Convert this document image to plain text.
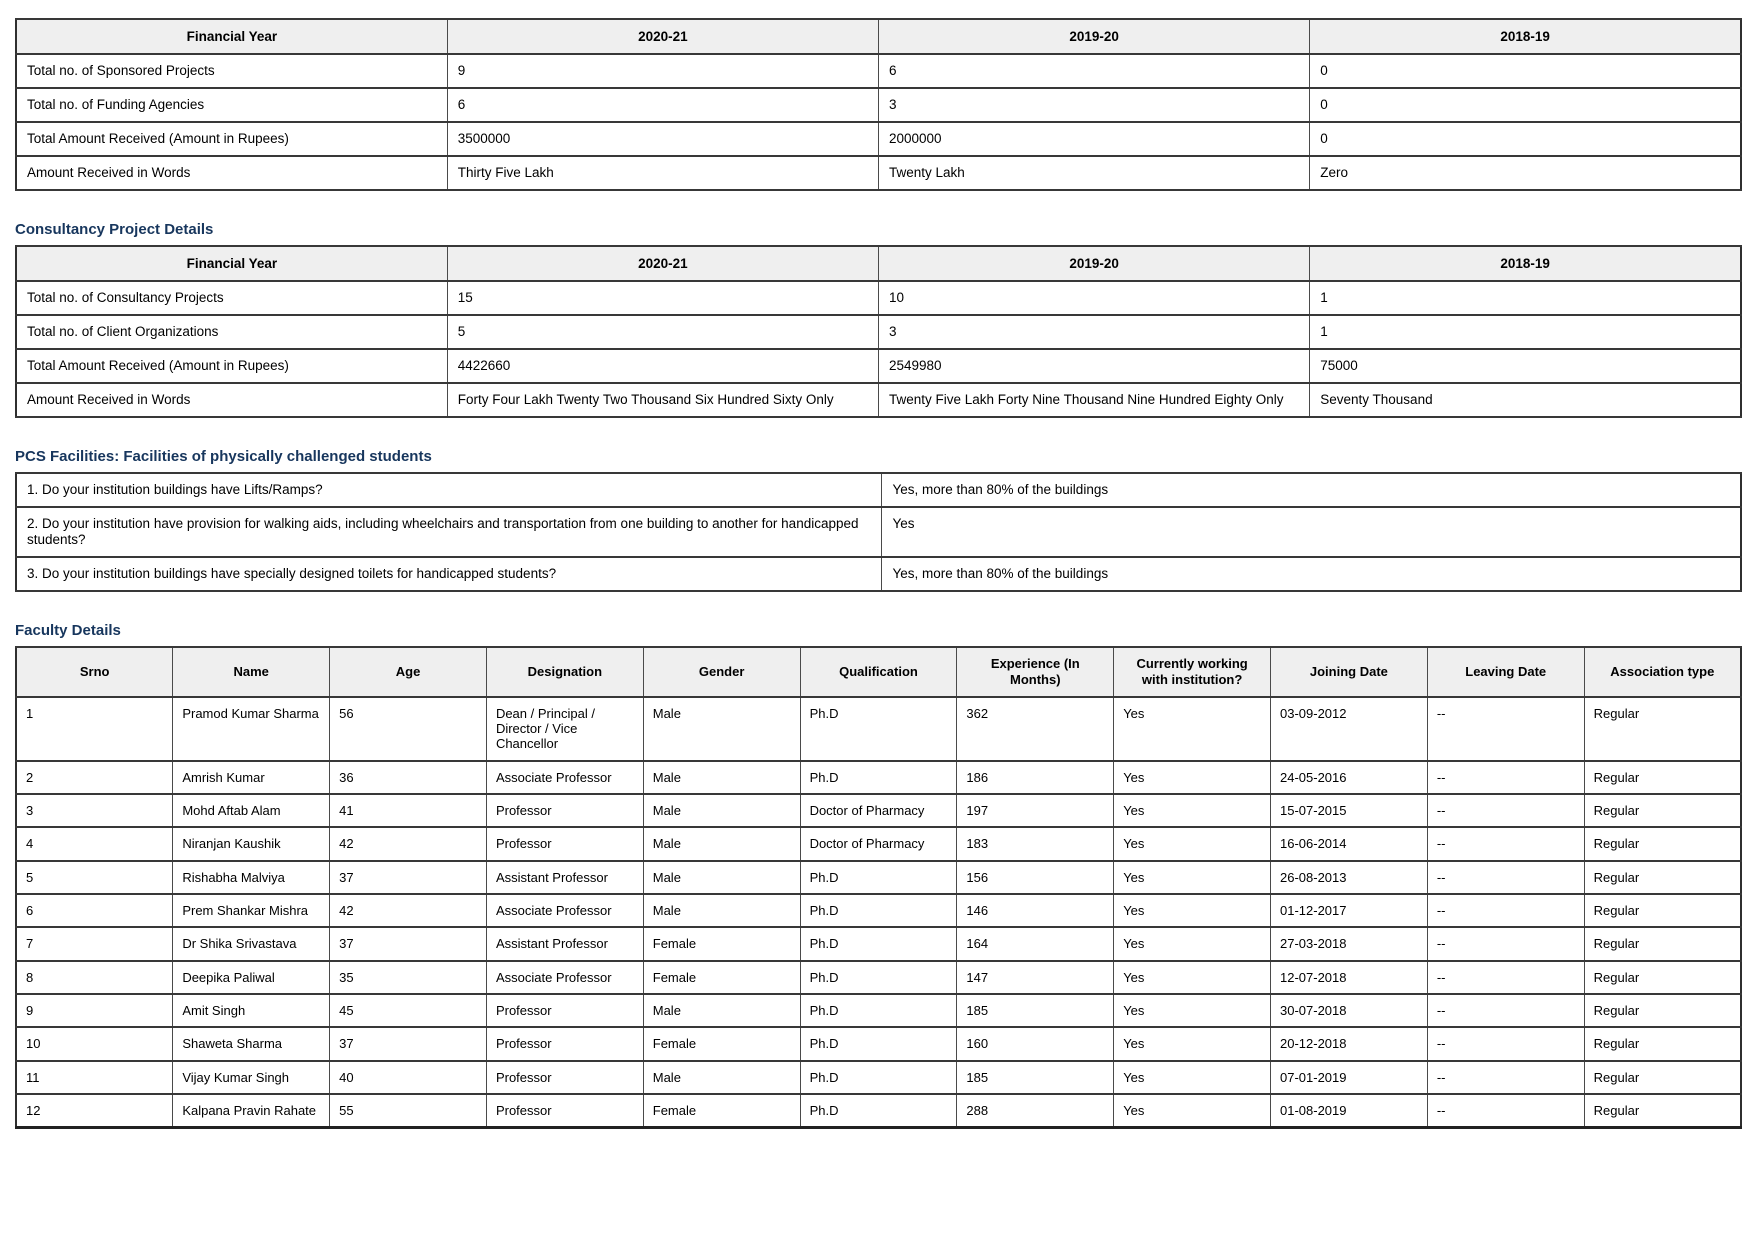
Financial Year	2020-21	2019-20	2018-19
Total no. of Sponsored Projects	9	6	0
Total no. of Funding Agencies	6	3	0
Total Amount Received (Amount in Rupees)	3500000	2000000	0
Amount Received in Words	Thirty Five Lakh	Twenty Lakh	Zero
Consultancy Project Details
Financial Year	2020-21	2019-20	2018-19
Total no. of Consultancy Projects	15	10	1
Total no. of Client Organizations	5	3	1
Total Amount Received (Amount in Rupees)	4422660	2549980	75000
Amount Received in Words	Forty Four Lakh Twenty Two Thousand Six Hundred Sixty Only	Twenty Five Lakh Forty Nine Thousand Nine Hundred Eighty Only	Seventy Thousand
PCS Facilities: Facilities of physically challenged students
1. Do your institution buildings have Lifts/Ramps?	Yes, more than 80% of the buildings
2. Do your institution have provision for walking aids, including wheelchairs and transportation from one building to another for handicapped students?	Yes
3. Do your institution buildings have specially designed toilets for handicapped students?	Yes, more than 80% of the buildings
Faculty Details
Srno	Name	Age	Designation	Gender	Qualification	Experience (In Months)	Currently working with institution?	Joining Date	Leaving Date	Association type
1	Pramod Kumar Sharma	56	Dean / Principal / Director / Vice Chancellor	Male	Ph.D	362	Yes	03-09-2012	--	Regular
2	Amrish Kumar	36	Associate Professor	Male	Ph.D	186	Yes	24-05-2016	--	Regular
3	Mohd Aftab Alam	41	Professor	Male	Doctor of Pharmacy	197	Yes	15-07-2015	--	Regular
4	Niranjan Kaushik	42	Professor	Male	Doctor of Pharmacy	183	Yes	16-06-2014	--	Regular
5	Rishabha Malviya	37	Assistant Professor	Male	Ph.D	156	Yes	26-08-2013	--	Regular
6	Prem Shankar Mishra	42	Associate Professor	Male	Ph.D	146	Yes	01-12-2017	--	Regular
7	Dr Shika Srivastava	37	Assistant Professor	Female	Ph.D	164	Yes	27-03-2018	--	Regular
8	Deepika Paliwal	35	Associate Professor	Female	Ph.D	147	Yes	12-07-2018	--	Regular
9	Amit Singh	45	Professor	Male	Ph.D	185	Yes	30-07-2018	--	Regular
10	Shaweta Sharma	37	Professor	Female	Ph.D	160	Yes	20-12-2018	--	Regular
11	Vijay Kumar Singh	40	Professor	Male	Ph.D	185	Yes	07-01-2019	--	Regular
12	Kalpana Pravin Rahate	55	Professor	Female	Ph.D	288	Yes	01-08-2019	--	Regular
